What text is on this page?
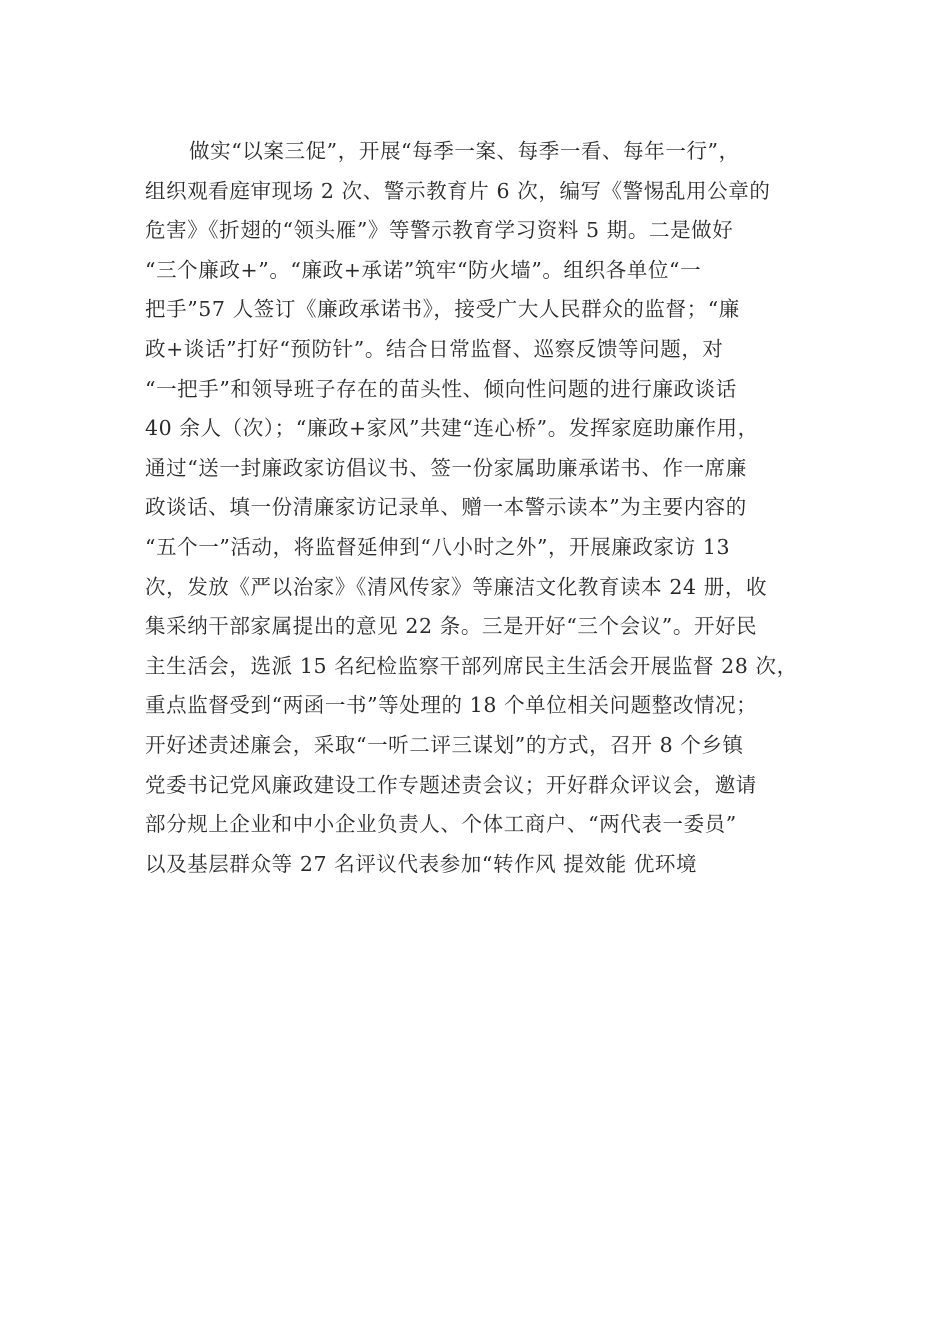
做实“以案三促”，开展“每季一案、每季一看、每年一行”，
组织观看庭审现场 2 次、警示教育片 6 次，编写《警惕乱用公章的
危害》《折翅的“领头雁”》等警示教育学习资料 5 期。二是做好
“三个廉政+”。“廉政+承诺”筑牢“防火墙”。组织各单位“一
把手”57 人签订《廉政承诺书》，接受广大人民群众的监督；“廉
政+谈话”打好“预防针”。结合日常监督、巡察反馈等问题，对
“一把手”和领导班子存在的苗头性、倾向性问题的进行廉政谈话
40 余人（次）；“廉政+家风”共建“连心桥”。发挥家庭助廉作用，
通过“送一封廉政家访倡议书、签一份家属助廉承诺书、作一席廉
政谈话、填一份清廉家访记录单、赠一本警示读本”为主要内容的
“五个一”活动，将监督延伸到“八小时之外”，开展廉政家访 13
次，发放《严以治家》《清风传家》等廉洁文化教育读本 24 册，收
集采纳干部家属提出的意见 22 条。三是开好“三个会议”。开好民
主生活会，选派 15 名纪检监察干部列席民主生活会开展监督 28 次，
重点监督受到“两函一书”等处理的 18 个单位相关问题整改情况；
开好述责述廉会，采取“一听二评三谋划”的方式，召开 8 个乡镇
党委书记党风廉政建设工作专题述责会议；开好群众评议会，邀请
部分规上企业和中小企业负责人、个体工商户、“两代表一委员”
以及基层群众等 27 名评议代表参加“转作风 提效能 优环境
